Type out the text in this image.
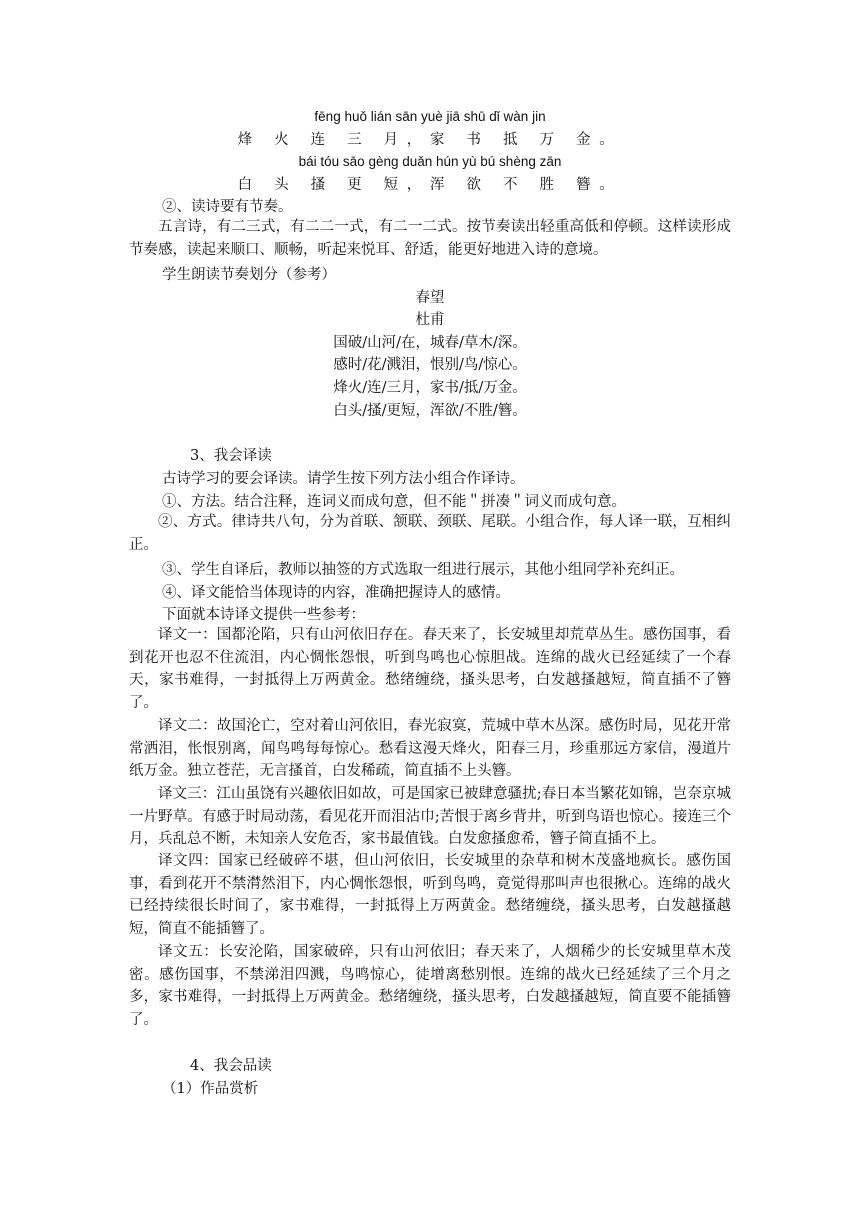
fēng huǒ lián sān yuè jiā shū dǐ wàn jin
烽 火 连 三 月，家 书 抵 万 金。
bái tóu sāo gèng duǎn hún yù bú shèng zān
白 头 搔 更 短，浑 欲 不 胜 簪。
②、读诗要有节奏。

五言诗，有二三式，有二二一式，有二一二式。按节奏读出轻重高低和停顿。这样读形成节奏感，读起来顺口、顺畅，听起来悦耳、舒适，能更好地进入诗的意境。

学生朗读节奏划分（参考）
春望
杜甫
国破/山河/在，城春/草木/深。
感时/花/溅泪，恨别/鸟/惊心。
烽火/连/三月，家书/抵/万金。
白头/搔/更短，浑欲/不胜/簪。
3、我会译读
古诗学习的要会译读。请学生按下列方法小组合作译诗。
①、方法。结合注释，连词义而成句意，但不能＂拼凑＂词义而成句意。

②、方式。律诗共八句，分为首联、颔联、颈联、尾联。小组合作，每人译一联，互相纠正。

③、学生自译后，教师以抽签的方式选取一组进行展示，其他小组同学补充纠正。
④、译文能恰当体现诗的内容，准确把握诗人的感情。
下面就本诗译文提供一些参考：

译文一：国都沦陷，只有山河依旧存在。春天来了，长安城里却荒草丛生。感伤国事，看到花开也忍不住流泪，内心惆怅怨恨，听到鸟鸣也心惊胆战。连绵的战火已经延续了一个春天，家书难得，一封抵得上万两黄金。愁绪缠绕，搔头思考，白发越搔越短，简直插不了簪了。

译文二：故国沦亡，空对着山河依旧，春光寂寞，荒城中草木丛深。感伤时局，见花开常常洒泪，怅恨别离，闻鸟鸣每每惊心。愁看这漫天烽火，阳春三月，珍重那远方家信，漫道片纸万金。独立苍茫，无言搔首，白发稀疏，简直插不上头簪。

译文三：江山虽饶有兴趣依旧如故，可是国家已被肆意骚扰;春日本当繁花如锦，岂奈京城一片野草。有感于时局动荡，看见花开而泪沾巾;苦恨于离乡背井，听到鸟语也惊心。接连三个月，兵乱总不断，未知亲人安危否，家书最值钱。白发愈搔愈希，簪子简直插不上。

译文四：国家已经破碎不堪，但山河依旧，长安城里的杂草和树木茂盛地疯长。感伤国事，看到花开不禁潸然泪下，内心惆怅怨恨，听到鸟鸣，竟觉得那叫声也很揪心。连绵的战火已经持续很长时间了，家书难得，一封抵得上万两黄金。愁绪缠绕，搔头思考，白发越搔越短，简直不能插簪了。

译文五：长安沦陷，国家破碎，只有山河依旧；春天来了，人烟稀少的长安城里草木茂密。感伤国事，不禁涕泪四溅，鸟鸣惊心，徒增离愁别恨。连绵的战火已经延续了三个月之多，家书难得，一封抵得上万两黄金。愁绪缠绕，搔头思考，白发越搔越短，简直要不能插簪了。

4、我会品读
（1）作品赏析
